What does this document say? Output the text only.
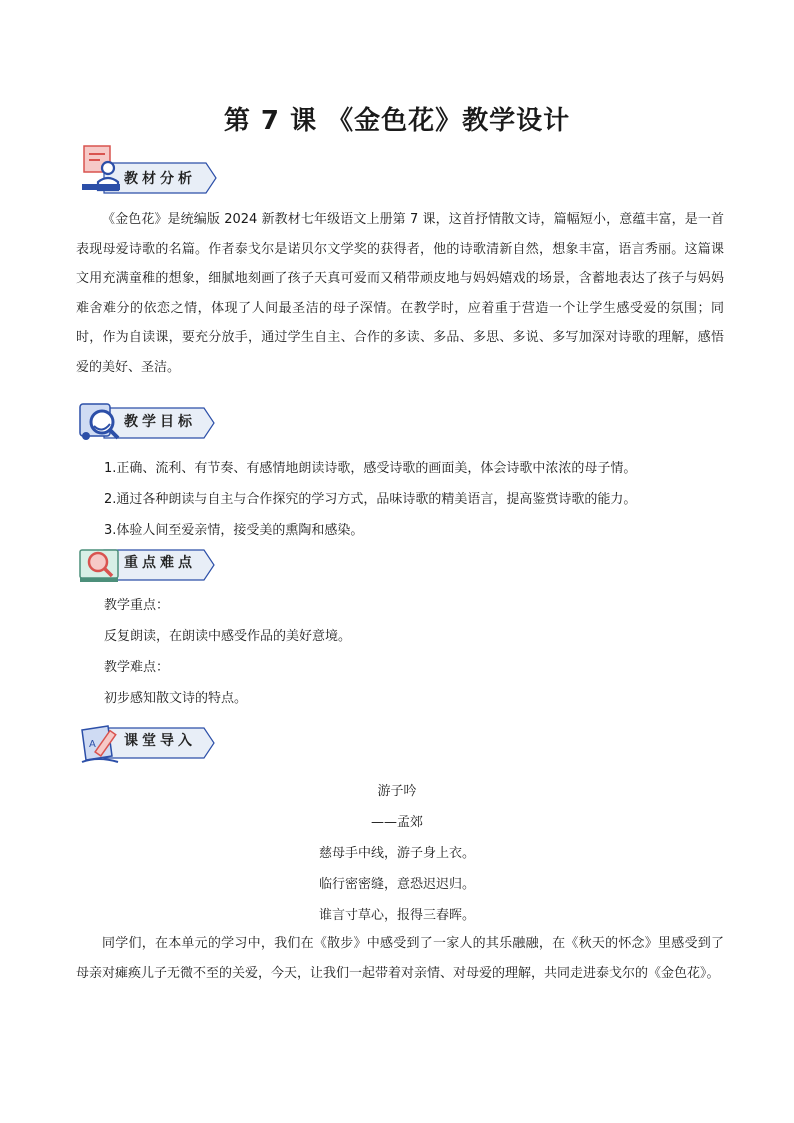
第 7 课 《金色花》教学设计
教材分析

《金色花》是统编版 2024 新教材七年级语文上册第 7 课，这首抒情散文诗，篇幅短小，意蕴丰富，是一首表现母爱诗歌的名篇。作者泰戈尔是诺贝尔文学奖的获得者，他的诗歌清新自然，想象丰富，语言秀丽。这篇课文用充满童稚的想象，细腻地刻画了孩子天真可爱而又稍带顽皮地与妈妈嬉戏的场景，含蓄地表达了孩子与妈妈难舍难分的依恋之情，体现了人间最圣洁的母子深情。在教学时，应着重于营造一个让学生感受爱的氛围；同时，作为自读课，要充分放手，通过学生自主、合作的多读、多品、多思、多说、多写加深对诗歌的理解，感悟爱的美好、圣洁。

教学目标

1.正确、流利、有节奏、有感情地朗读诗歌，感受诗歌的画面美，体会诗歌中浓浓的母子情。

2.通过各种朗读与自主与合作探究的学习方式，品味诗歌的精美语言，提高鉴赏诗歌的能力。

3.体验人间至爱亲情，接受美的熏陶和感染。

重点难点

教学重点：

反复朗读，在朗读中感受作品的美好意境。

教学难点：

初步感知散文诗的特点。

A 课堂导入

游子吟

——孟郊

慈母手中线，游子身上衣。

临行密密缝，意恐迟迟归。

谁言寸草心，报得三春晖。

同学们，在本单元的学习中，我们在《散步》中感受到了一家人的其乐融融，在《秋天的怀念》里感受到了母亲对瘫痪儿子无微不至的关爱，今天，让我们一起带着对亲情、对母爱的理解，共同走进泰戈尔的《金色花》。
